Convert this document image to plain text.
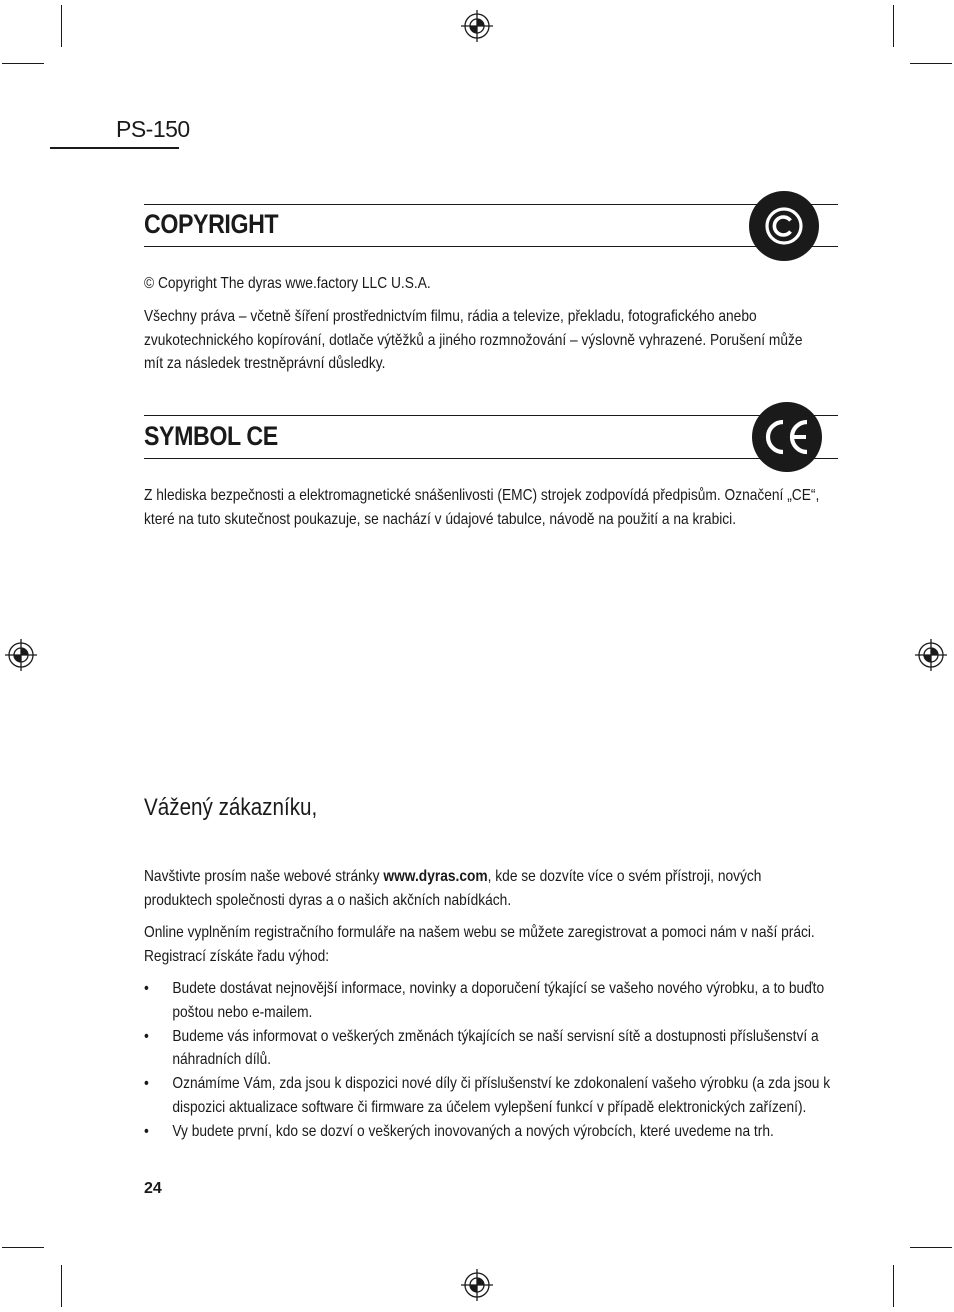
PS-150
COPYRIGHT
© Copyright The dyras wwe.factory LLC U.S.A.
Všechny práva – včetně šíření prostřednictvím filmu, rádia a televize, překladu, fotografického anebo zvukotechnického kopírování, dotlače výtěžků a jiného rozmnožování – výslovně vyhrazené. Porušení může mít za následek trestněprávní důsledky.
SYMBOL CE
Z hlediska bezpečnosti a elektromagnetické snášenlivosti (EMC) strojek zodpovídá předpisům. Označení „CE“, které na tuto skutečnost poukazuje, se nachází v údajové tabulce, návodě na použití a na krabici.
Vážený zákazníku,
Navštivte prosím naše webové stránky www.dyras.com, kde se dozvíte více o svém přístroji, nových produktech společnosti dyras a o našich akčních nabídkách.
Online vyplněním registračního formuláře na našem webu se můžete zaregistrovat a pomoci nám v naší práci. Registrací získáte řadu výhod:
• Budete dostávat nejnovější informace, novinky a doporučení týkající se vašeho nového výrobku, a to buďto poštou nebo e-mailem.
• Budeme vás informovat o veškerých změnách týkajících se naší servisní sítě a dostupnosti příslušenství a náhradních dílů.
• Oznámíme Vám, zda jsou k dispozici nové díly či příslušenství ke zdokonalení vašeho výrobku (a zda jsou k dispozici aktualizace software či firmware za účelem vylepšení funkcí v případě elektronických zařízení).
• Vy budete první, kdo se dozví o veškerých inovovaných a nových výrobcích, které uvedeme na trh.
24
